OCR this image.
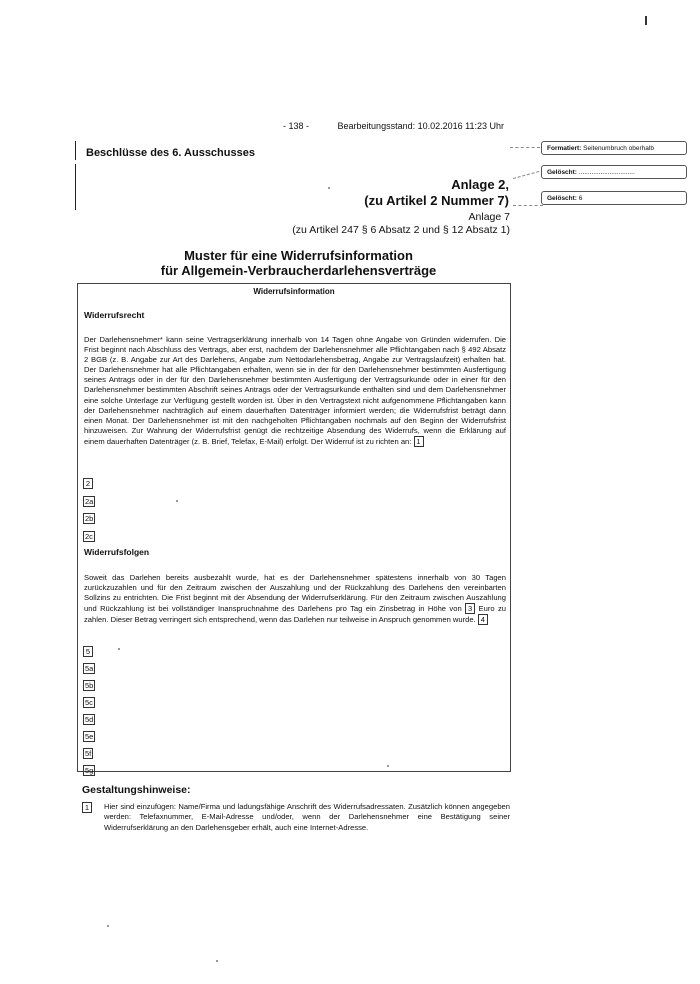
- 138 -	Bearbeitungsstand: 10.02.2016 11:23 Uhr
Beschlüsse des 6. Ausschusses
Anlage 2,
(zu Artikel 2 Nummer 7)
Anlage 7
(zu Artikel 247 § 6 Absatz 2 und § 12 Absatz 1)
Muster für eine Widerrufsinformation
für Allgemein-Verbraucherdarlehensverträge
Widerrufsinformation
Widerrufsrecht
Der Darlehensnehmer* kann seine Vertragserklärung innerhalb von 14 Tagen ohne Angabe von Gründen widerrufen. Die Frist beginnt nach Abschluss des Vertrags, aber erst, nachdem der Darlehensnehmer alle Pflichtangaben nach § 492 Absatz 2 BGB (z. B. Angabe zur Art des Darlehens, Angabe zum Nettodarlehensbetrag, Angabe zur Vertragslaufzeit) erhalten hat. Der Darlehensnehmer hat alle Pflichtangaben erhalten, wenn sie in der für den Darlehensnehmer bestimmten Ausfertigung seines Antrags oder in der für den Darlehensnehmer bestimmten Ausfertigung der Vertragsurkunde oder in einer für den Darlehensnehmer bestimmten Abschrift seines Antrags oder der Vertragsurkunde enthalten sind und dem Darlehensnehmer eine solche Unterlage zur Verfügung gestellt worden ist. Über in den Vertragstext nicht aufgenommene Pflichtangaben kann der Darlehensnehmer nachträglich auf einem dauerhaften Datenträger informiert werden; die Widerrufsfrist beträgt dann einen Monat. Der Darlehensnehmer ist mit den nachgeholten Pflichtangaben nochmals auf den Beginn der Widerrufsfrist hinzuweisen. Zur Wahrung der Widerrufsfrist genügt die rechtzeitige Absendung des Widerrufs, wenn die Erklärung auf einem dauerhaften Datenträger (z. B. Brief, Telefax, E-Mail) erfolgt. Der Widerruf ist zu richten an: 1
2
2a
2b
2c
Widerrufsfolgen
Soweit das Darlehen bereits ausbezahlt wurde, hat es der Darlehensnehmer spätestens innerhalb von 30 Tagen zurückzuzahlen und für den Zeitraum zwischen der Auszahlung und der Rückzahlung des Darlehens den vereinbarten Sollzins zu entrichten. Die Frist beginnt mit der Absendung der Widerrufserklärung. Für den Zeitraum zwischen Auszahlung und Rückzahlung ist bei vollständiger Inanspruchnahme des Darlehens pro Tag ein Zinsbetrag in Höhe von 3 Euro zu zahlen. Dieser Betrag verringert sich entsprechend, wenn das Darlehen nur teilweise in Anspruch genommen wurde. 4
5
5a
5b
5c
5d
5e
5f
5g
Gestaltungshinweise:
1	Hier sind einzufügen: Name/Firma und ladungsfähige Anschrift des Widerrufsadressaten. Zusätzlich können angegeben werden: Telefaxnummer, E-Mail-Adresse und/oder, wenn der Darlehensnehmer eine Bestätigung seiner Widerrufserklärung an den Darlehensgeber erhält, auch eine Internet-Adresse.
Formatiert: Seitenumbruch oberhalb
Gelöscht: ...............................
Gelöscht: 6
